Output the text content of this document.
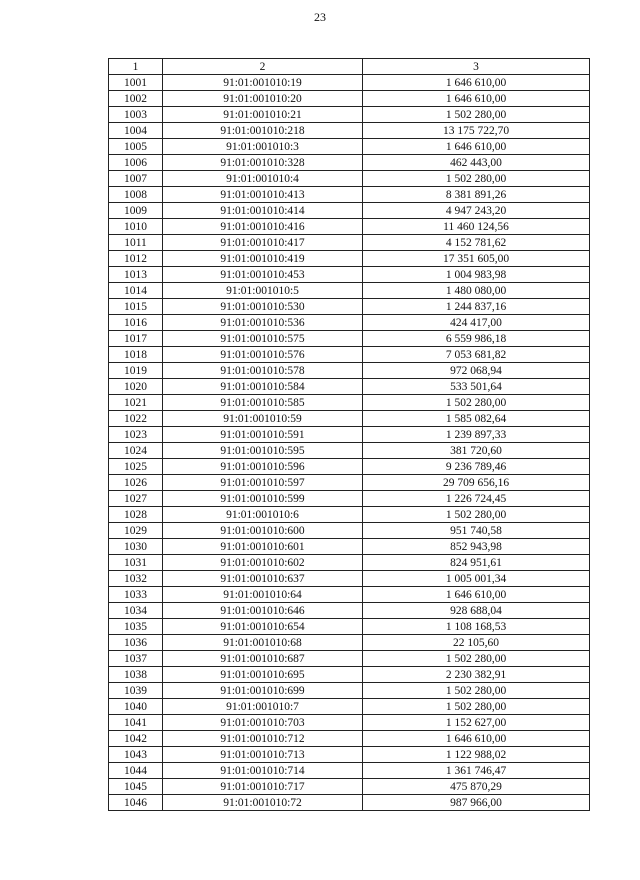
23
1	2	3
1001	91:01:001010:19	1 646 610,00
1002	91:01:001010:20	1 646 610,00
1003	91:01:001010:21	1 502 280,00
1004	91:01:001010:218	13 175 722,70
1005	91:01:001010:3	1 646 610,00
1006	91:01:001010:328	462 443,00
1007	91:01:001010:4	1 502 280,00
1008	91:01:001010:413	8 381 891,26
1009	91:01:001010:414	4 947 243,20
1010	91:01:001010:416	11 460 124,56
1011	91:01:001010:417	4 152 781,62
1012	91:01:001010:419	17 351 605,00
1013	91:01:001010:453	1 004 983,98
1014	91:01:001010:5	1 480 080,00
1015	91:01:001010:530	1 244 837,16
1016	91:01:001010:536	424 417,00
1017	91:01:001010:575	6 559 986,18
1018	91:01:001010:576	7 053 681,82
1019	91:01:001010:578	972 068,94
1020	91:01:001010:584	533 501,64
1021	91:01:001010:585	1 502 280,00
1022	91:01:001010:59	1 585 082,64
1023	91:01:001010:591	1 239 897,33
1024	91:01:001010:595	381 720,60
1025	91:01:001010:596	9 236 789,46
1026	91:01:001010:597	29 709 656,16
1027	91:01:001010:599	1 226 724,45
1028	91:01:001010:6	1 502 280,00
1029	91:01:001010:600	951 740,58
1030	91:01:001010:601	852 943,98
1031	91:01:001010:602	824 951,61
1032	91:01:001010:637	1 005 001,34
1033	91:01:001010:64	1 646 610,00
1034	91:01:001010:646	928 688,04
1035	91:01:001010:654	1 108 168,53
1036	91:01:001010:68	22 105,60
1037	91:01:001010:687	1 502 280,00
1038	91:01:001010:695	2 230 382,91
1039	91:01:001010:699	1 502 280,00
1040	91:01:001010:7	1 502 280,00
1041	91:01:001010:703	1 152 627,00
1042	91:01:001010:712	1 646 610,00
1043	91:01:001010:713	1 122 988,02
1044	91:01:001010:714	1 361 746,47
1045	91:01:001010:717	475 870,29
1046	91:01:001010:72	987 966,00
